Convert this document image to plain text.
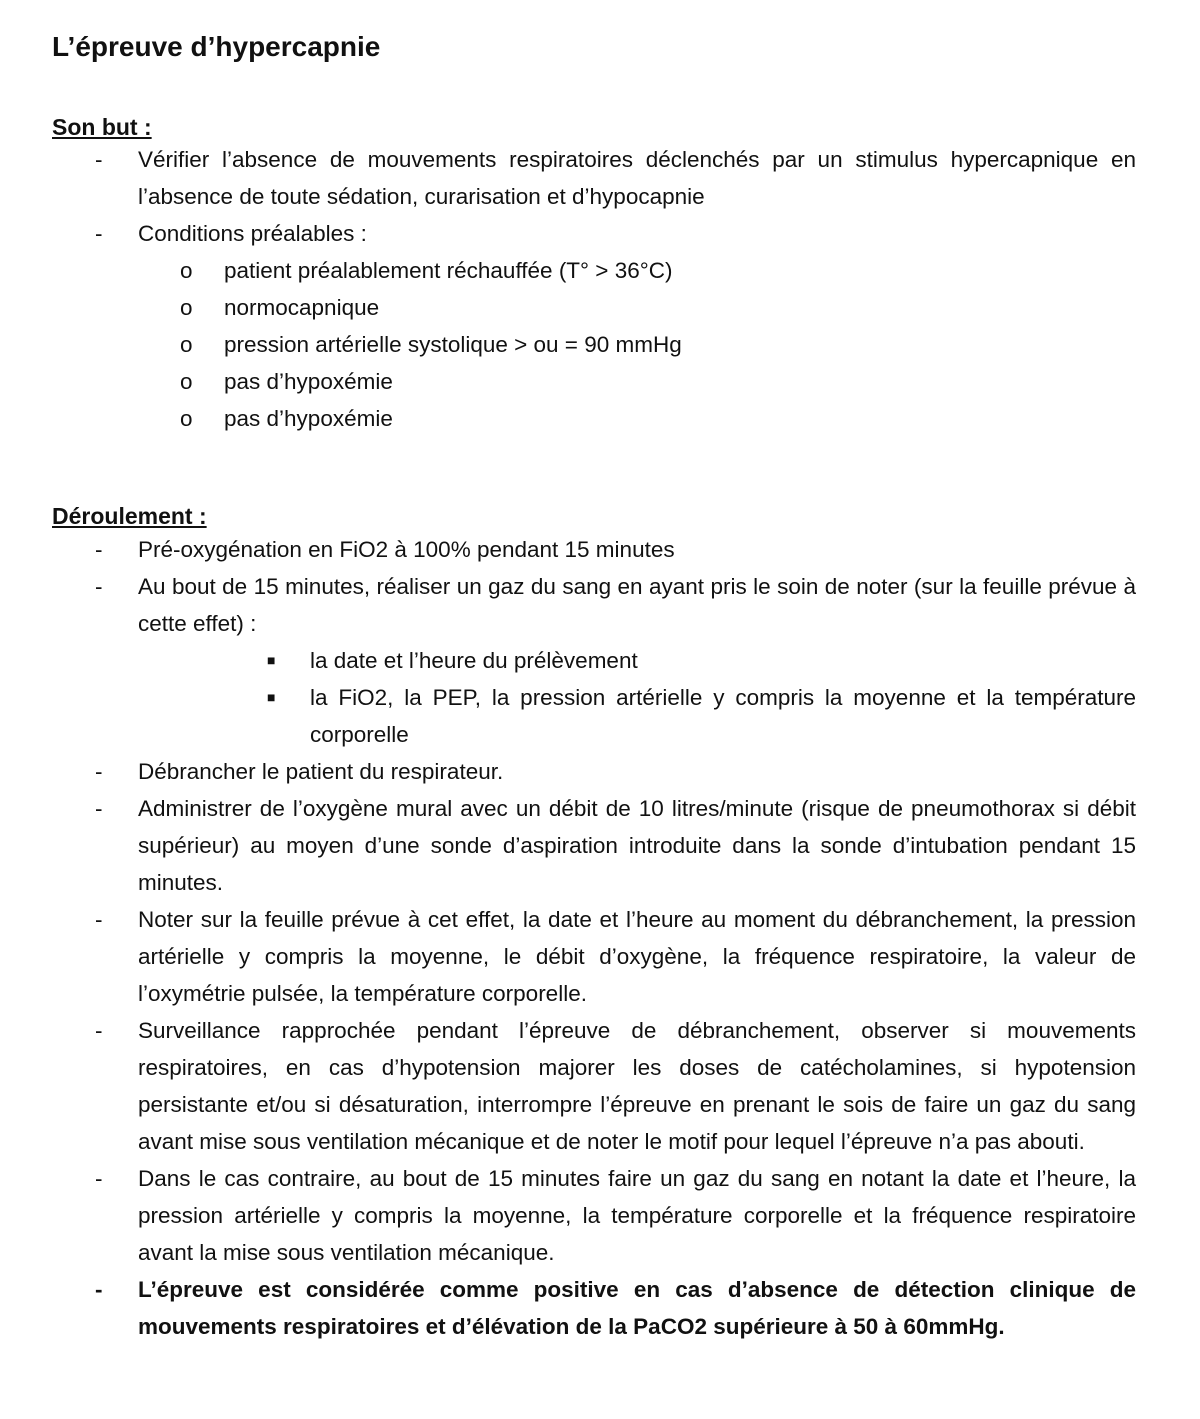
L’épreuve d’hypercapnie
Son but :
- Vérifier l’absence de mouvements respiratoires déclenchés par un stimulus hypercapnique en l’absence de toute sédation, curarisation et d’hypocapnie
- Conditions préalables :
o patient préalablement réchauffée (T° > 36°C)
o normocapnique
o pression artérielle systolique > ou = 90 mmHg
o pas d’hypoxémie
o pas d’hypoxémie
Déroulement :
- Pré-oxygénation en FiO2 à 100% pendant 15 minutes
- Au bout de 15 minutes, réaliser un gaz du sang en ayant pris le soin de noter (sur la feuille prévue à cette effet) :
■ la date et l’heure du prélèvement
■ la FiO2, la PEP, la pression artérielle y compris la moyenne et la température corporelle
- Débrancher le patient du respirateur.
- Administrer de l’oxygène mural avec un débit de 10 litres/minute (risque de pneumothorax si débit supérieur) au moyen d’une sonde d’aspiration introduite dans la sonde d’intubation pendant 15 minutes.
- Noter sur la feuille prévue à cet effet, la date et l’heure au moment du débranchement, la pression artérielle y compris la moyenne, le débit d’oxygène, la fréquence respiratoire, la valeur de l’oxymétrie pulsée, la température corporelle.
- Surveillance rapprochée pendant l’épreuve de débranchement, observer si mouvements respiratoires, en cas d’hypotension majorer les doses de catécholamines, si hypotension persistante et/ou si désaturation, interrompre l’épreuve en prenant le sois de faire un gaz du sang avant mise sous ventilation mécanique et de noter le motif pour lequel l’épreuve n’a pas abouti.
- Dans le cas contraire, au bout de 15 minutes faire un gaz du sang en notant la date et l’heure, la pression artérielle y compris la moyenne, la température corporelle et la fréquence respiratoire avant la mise sous ventilation mécanique.
- L’épreuve est considérée comme positive en cas d’absence de détection clinique de mouvements respiratoires et d’élévation de la PaCO2 supérieure à 50 à 60mmHg.
